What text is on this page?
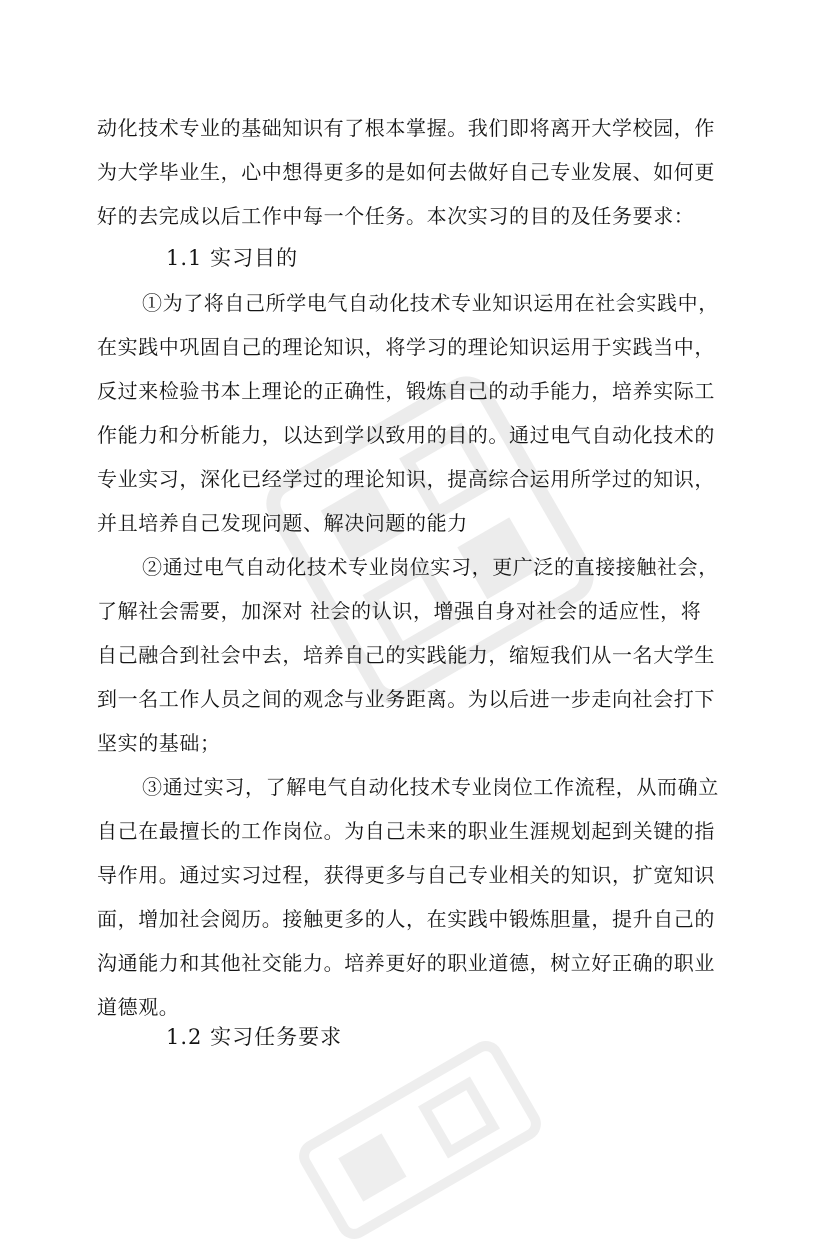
动化技术专业的基础知识有了根本掌握。我们即将离开大学校园，作
为大学毕业生，心中想得更多的是如何去做好自己专业发展、如何更
好的去完成以后工作中每一个任务。本次实习的目的及任务要求：
1.1 实习目的
①为了将自己所学电气自动化技术专业知识运用在社会实践中，
在实践中巩固自己的理论知识，将学习的理论知识运用于实践当中，
反过来检验书本上理论的正确性，锻炼自己的动手能力，培养实际工
作能力和分析能力，以达到学以致用的目的。通过电气自动化技术的
专业实习，深化已经学过的理论知识，提高综合运用所学过的知识，
并且培养自己发现问题、解决问题的能力
②通过电气自动化技术专业岗位实习，更广泛的直接接触社会，
了解社会需要，加深对 社会的认识，增强自身对社会的适应性，将
自己融合到社会中去，培养自己的实践能力，缩短我们从一名大学生
到一名工作人员之间的观念与业务距离。为以后进一步走向社会打下
坚实的基础；
③通过实习，了解电气自动化技术专业岗位工作流程，从而确立
自己在最擅长的工作岗位。为自己未来的职业生涯规划起到关键的指
导作用。通过实习过程，获得更多与自己专业相关的知识，扩宽知识
面，增加社会阅历。接触更多的人，在实践中锻炼胆量，提升自己的
沟通能力和其他社交能力。培养更好的职业道德，树立好正确的职业
道德观。
1.2 实习任务要求
